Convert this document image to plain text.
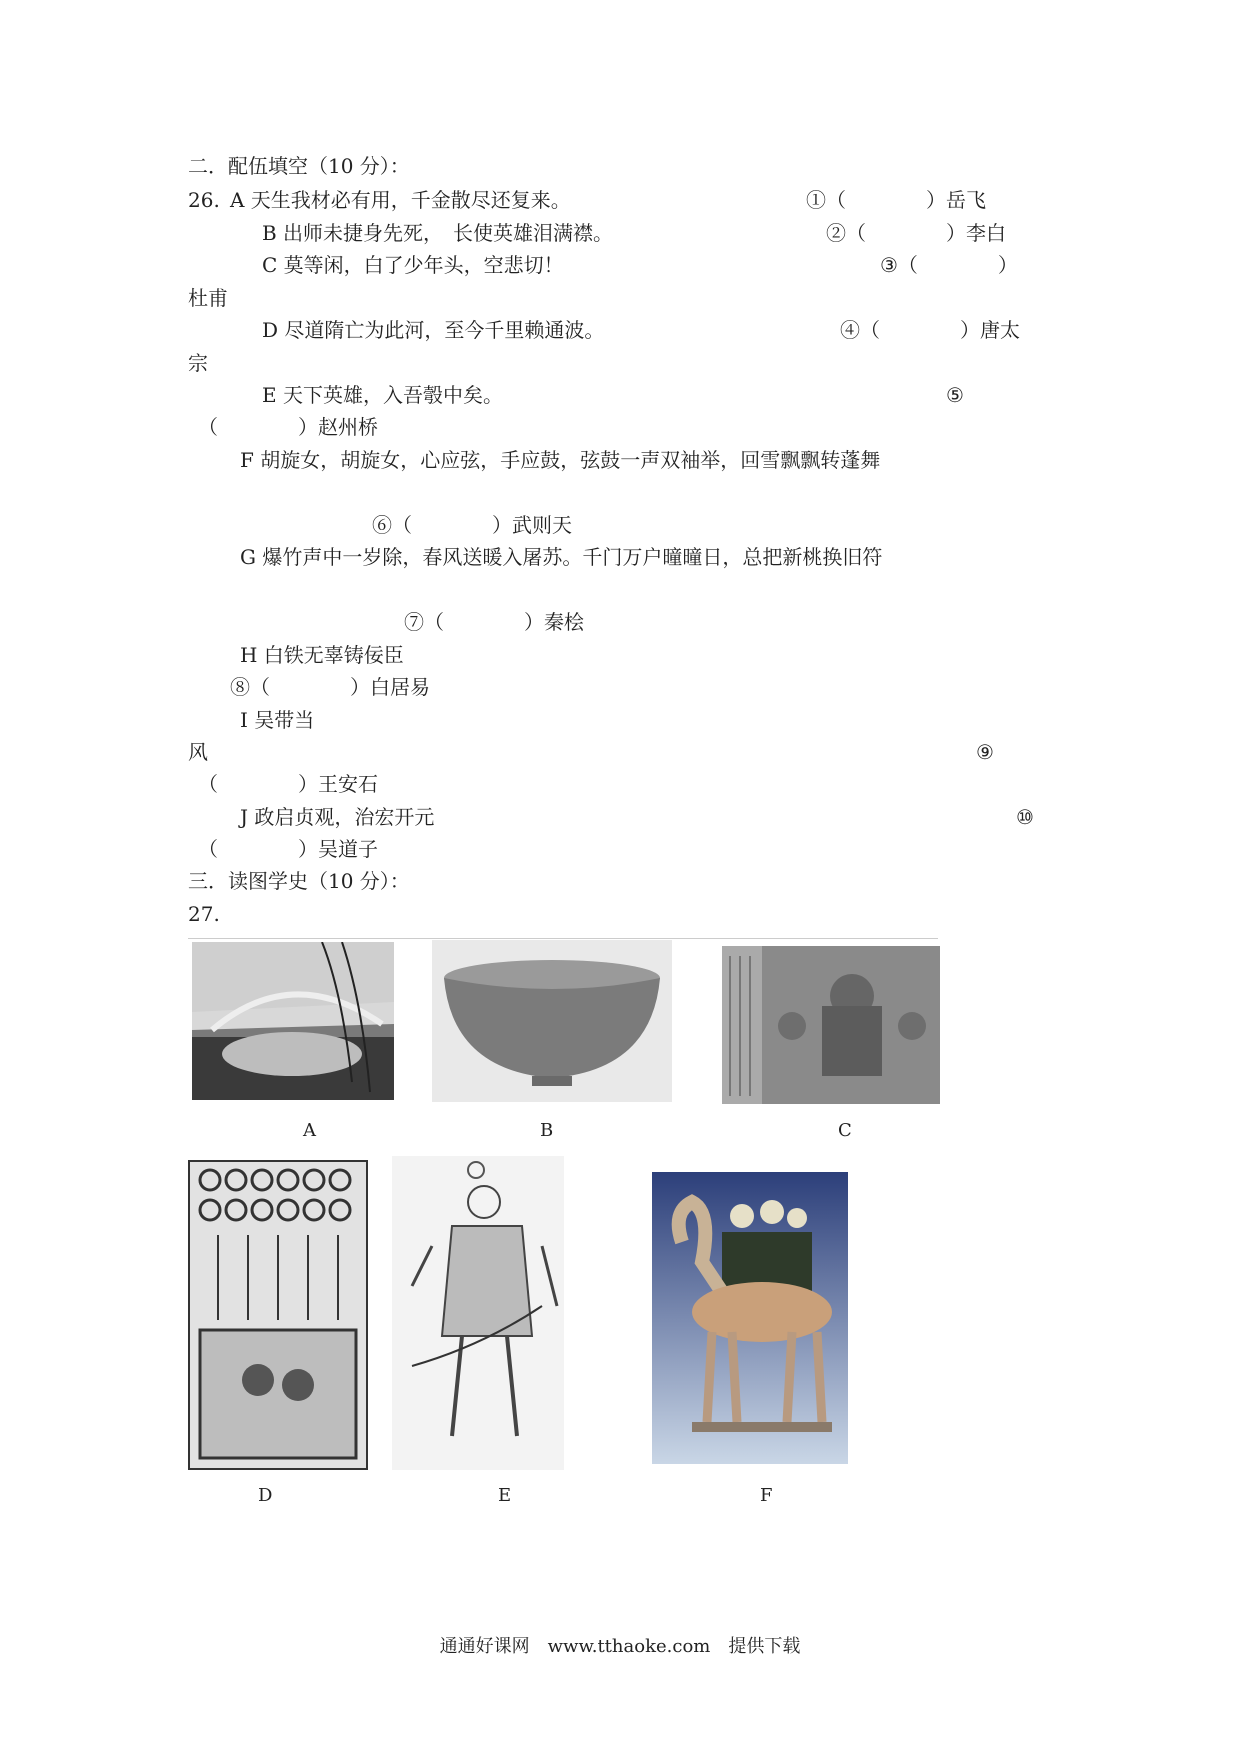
二．配伍填空（10 分）：
26. A 天生我材必有用，千金散尽还复来。	①（　　　　）岳飞
B 出师未捷身先死，　长使英雄泪满襟。	②（　　　　）李白
C 莫等闲，白了少年头，空悲切！	③（　　　　）
杜甫
D 尽道隋亡为此河，至今千里赖通波。	④（　　　　）唐太
宗
E 天下英雄，入吾彀中矣。	⑤
（　　　　）赵州桥
F 胡旋女，胡旋女，心应弦，手应鼓，弦鼓一声双袖举，回雪飘飘转蓬舞
⑥（　　　　）武则天
G 爆竹声中一岁除，春风送暖入屠苏。千门万户曈曈日，总把新桃换旧符
⑦（　　　　）秦桧
H 白铁无辜铸佞臣
⑧（　　　　）白居易
I 吴带当
风	⑨
（　　　　）王安石
J 政启贞观，治宏开元	⑩
（　　　　）吴道子
三．读图学史（10 分）：
27.
A	B	C
D	E	F
通通好课网　www.tthaoke.com　提供下载
